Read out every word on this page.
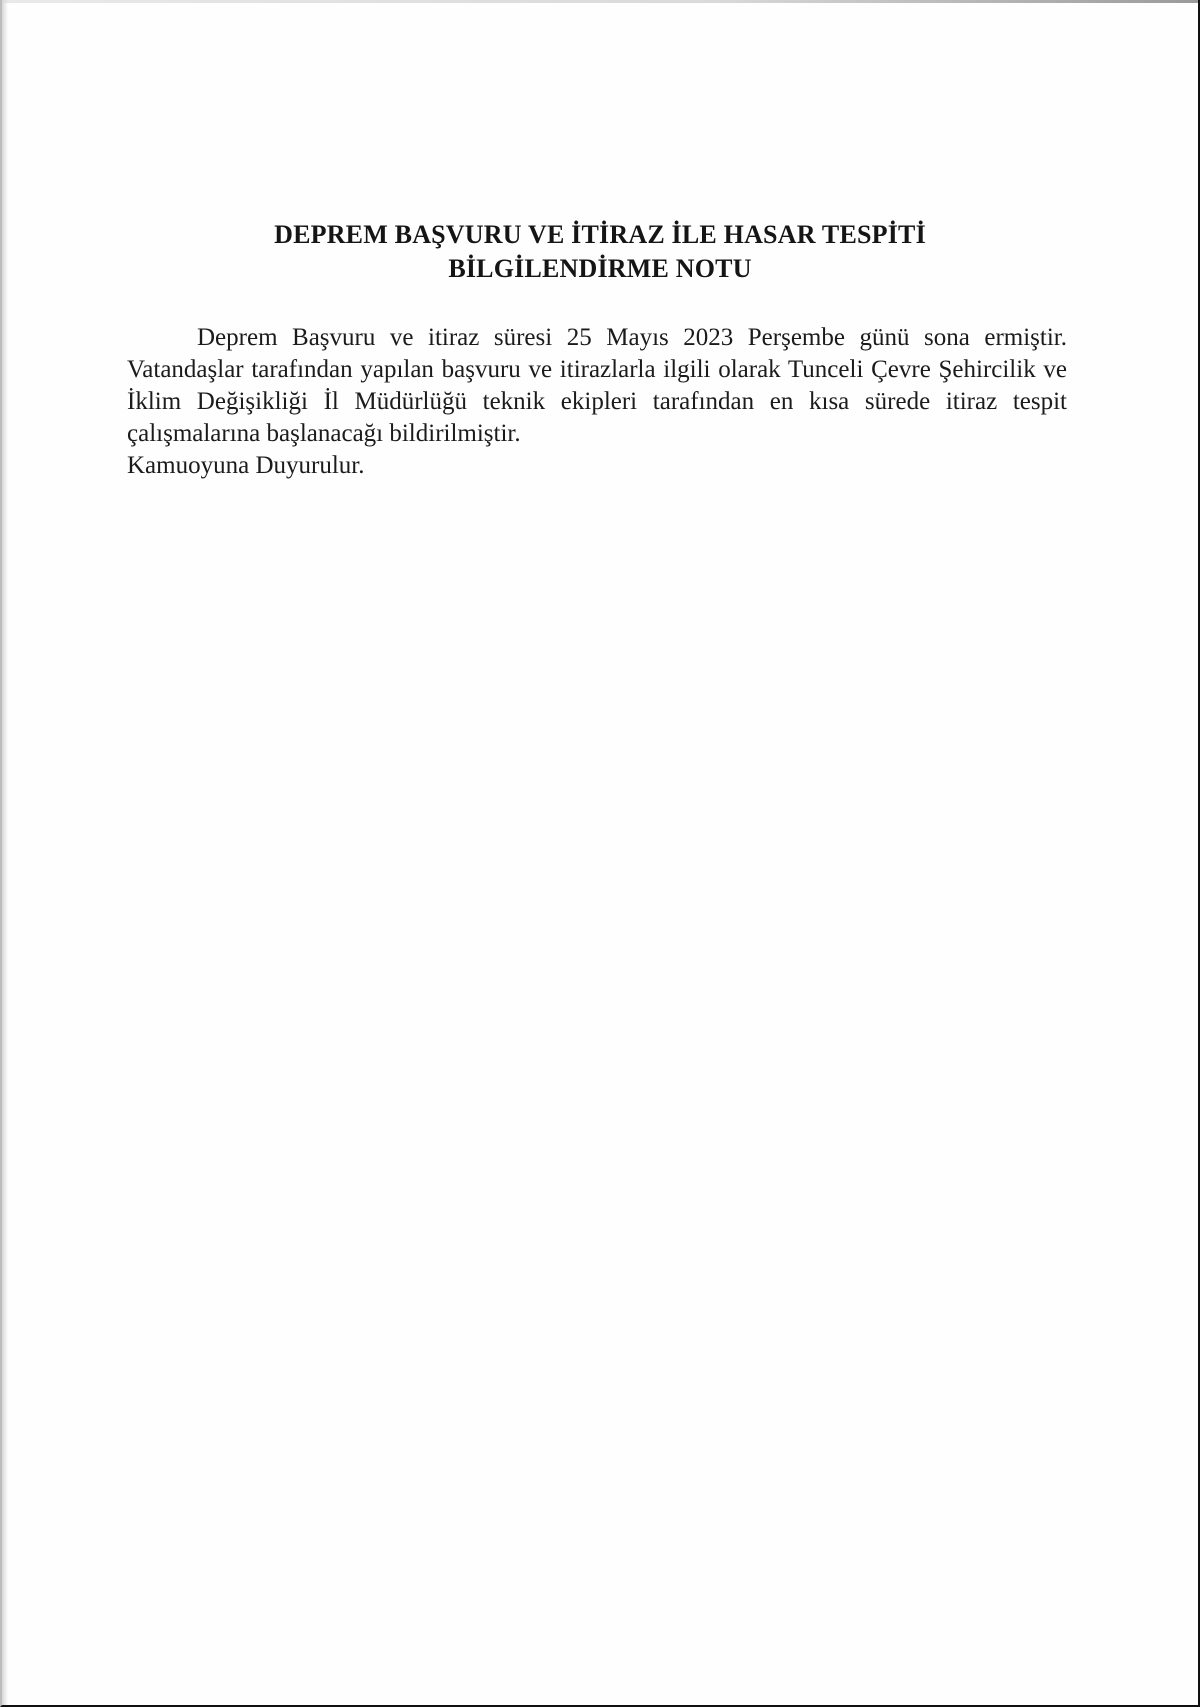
DEPREM BAŞVURU VE İTİRAZ İLE HASAR TESPİTİ
BİLGİLENDİRME NOTU

Deprem Başvuru ve itiraz süresi 25 Mayıs 2023 Perşembe günü sona ermiştir. Vatandaşlar tarafından yapılan başvuru ve itirazlarla ilgili olarak Tunceli Çevre Şehircilik ve İklim Değişikliği İl Müdürlüğü teknik ekipleri tarafından en kısa sürede itiraz tespit çalışmalarına başlanacağı bildirilmiştir.

Kamuoyuna Duyurulur.
